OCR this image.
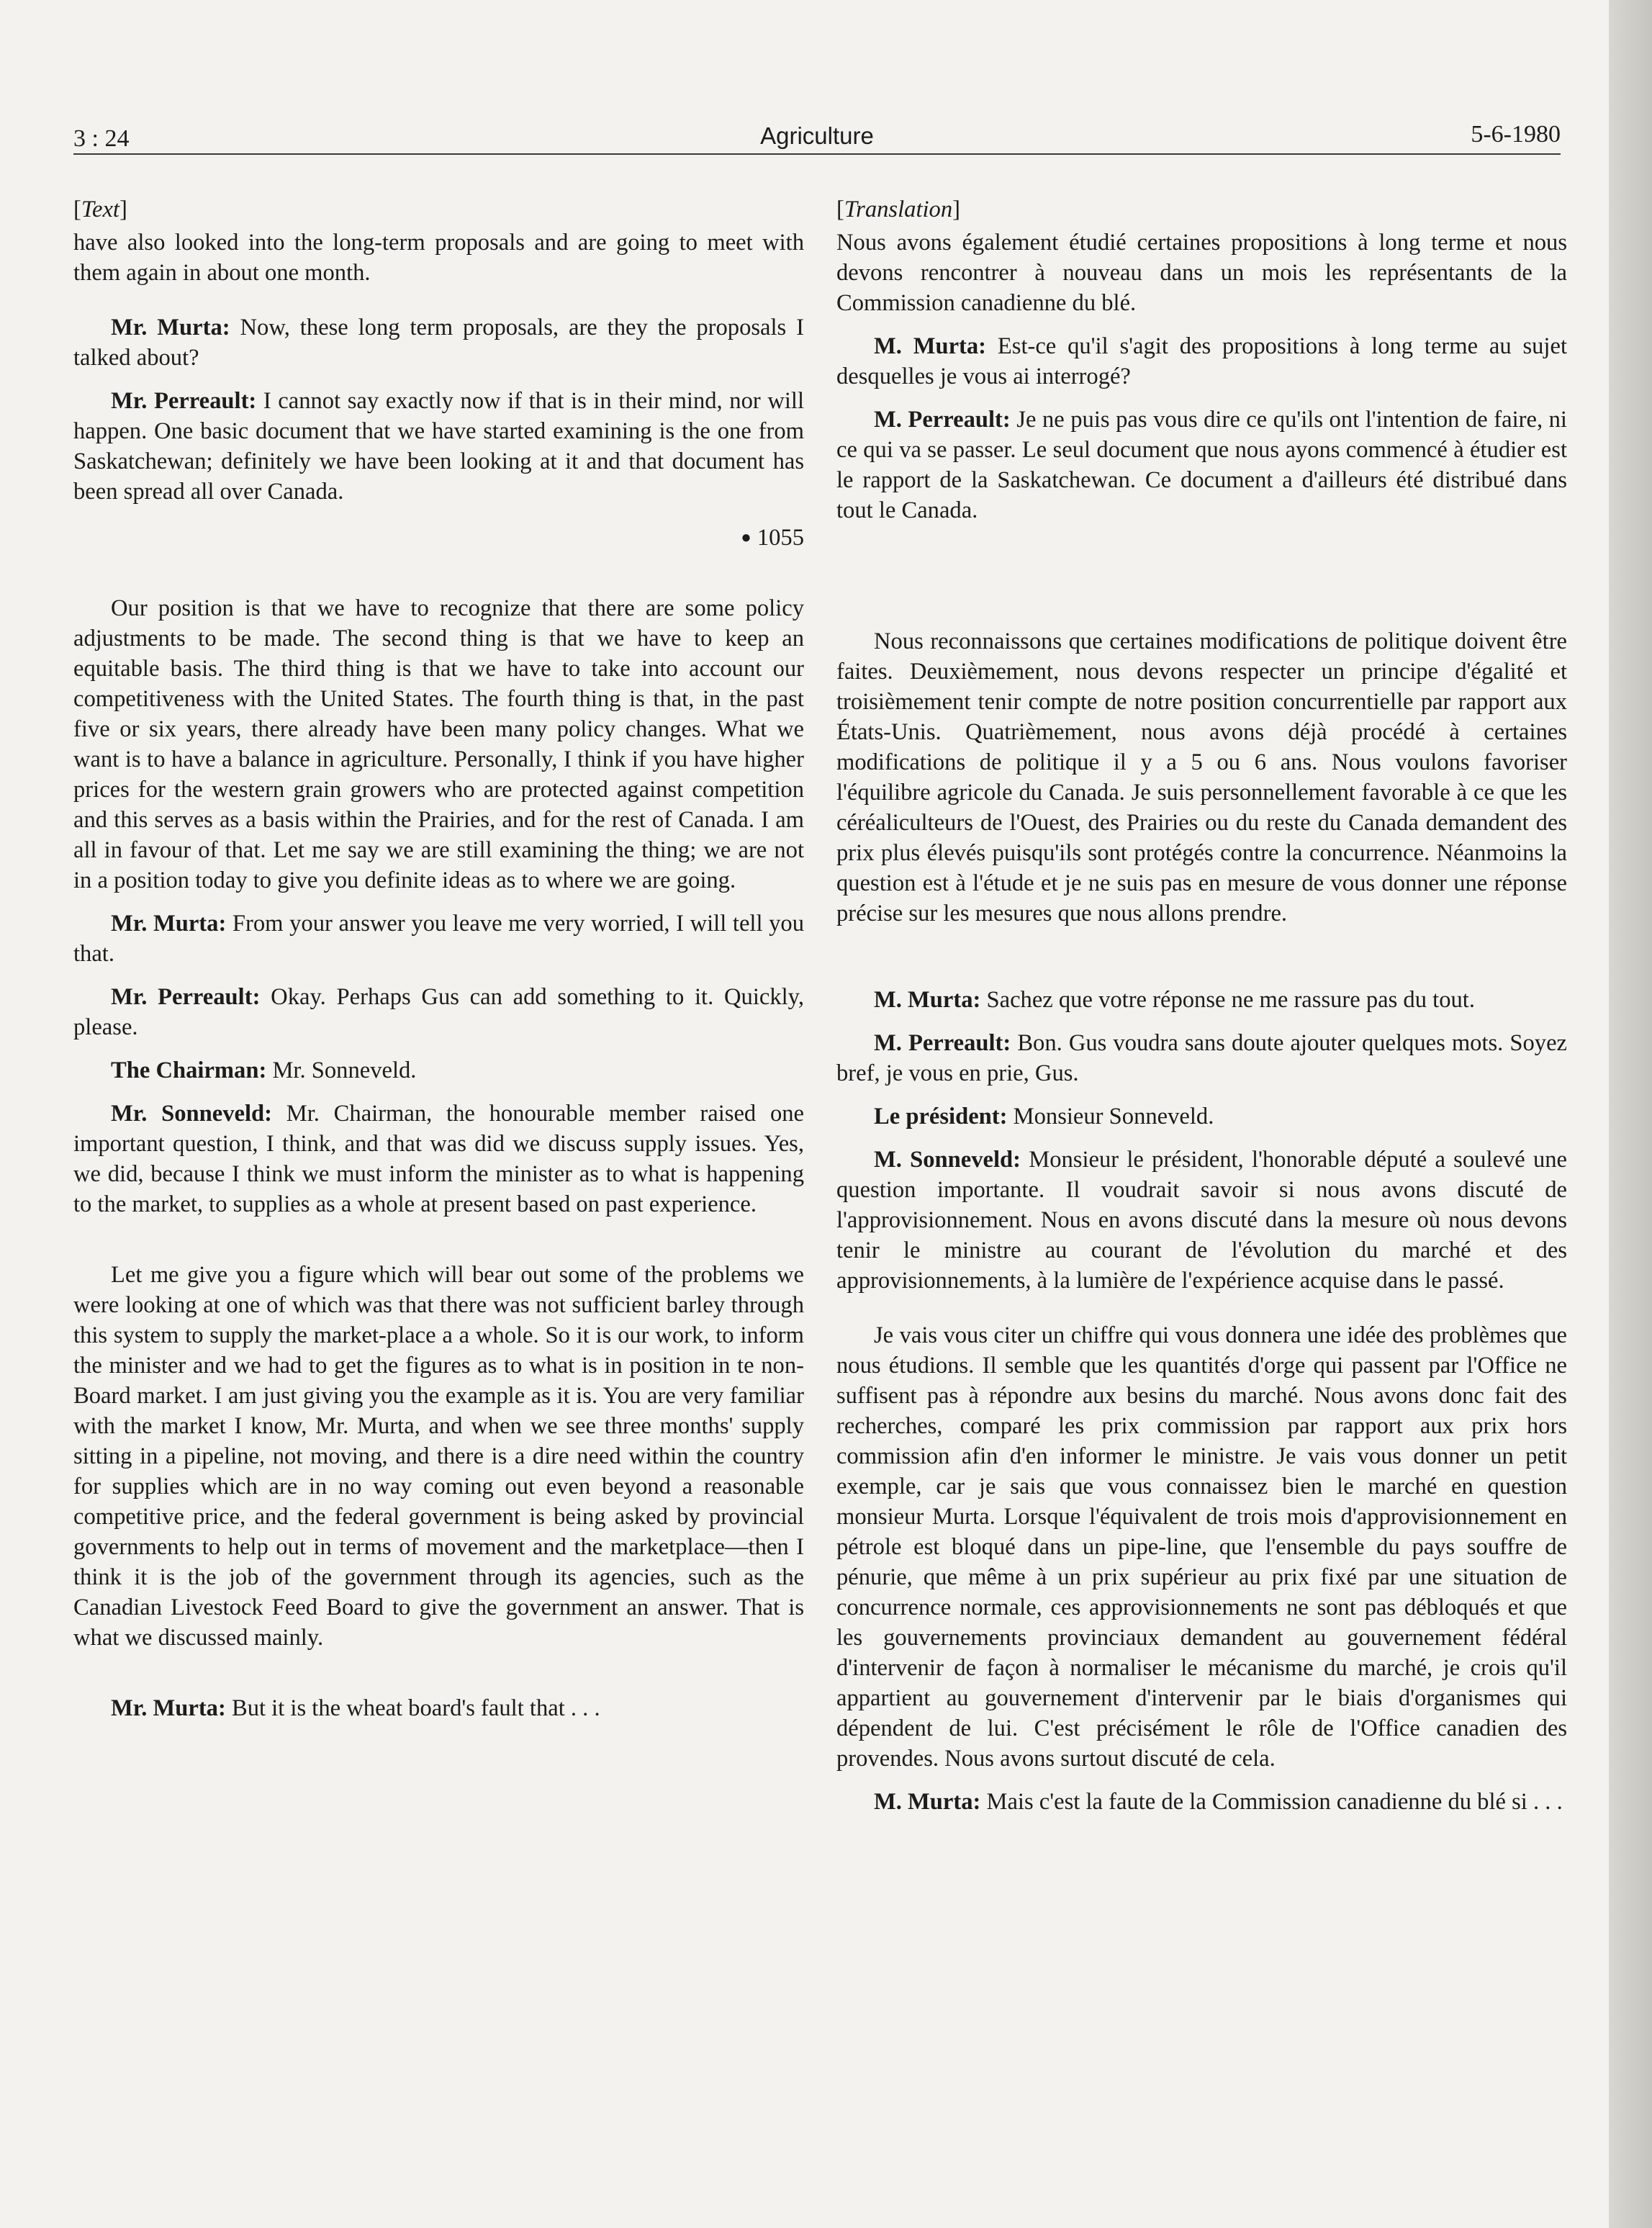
3 : 24	Agriculture	5-6-1980
[Text]

have also looked into the long-term proposals and are going to meet with them again in about one month.

Mr. Murta: Now, these long term proposals, are they the proposals I talked about?

Mr. Perreault: I cannot say exactly now if that is in their mind, nor will happen. One basic document that we have started examining is the one from Saskatchewan; definitely we have been looking at it and that document has been spread all over Canada.

● 1055

Our position is that we have to recognize that there are some policy adjustments to be made. The second thing is that we have to keep an equitable basis. The third thing is that we have to take into account our competitiveness with the United States. The fourth thing is that, in the past five or six years, there already have been many policy changes. What we want is to have a balance in agriculture. Personally, I think if you have higher prices for the western grain growers who are protected against competition and this serves as a basis within the Prairies, and for the rest of Canada. I am all in favour of that. Let me say we are still examining the thing; we are not in a position today to give you definite ideas as to where we are going.

Mr. Murta: From your answer you leave me very worried, I will tell you that.

Mr. Perreault: Okay. Perhaps Gus can add something to it. Quickly, please.

The Chairman: Mr. Sonneveld.

Mr. Sonneveld: Mr. Chairman, the honourable member raised one important question, I think, and that was did we discuss supply issues. Yes, we did, because I think we must inform the minister as to what is happening to the market, to supplies as a whole at present based on past experience.

Let me give you a figure which will bear out some of the problems we were looking at one of which was that there was not sufficient barley through this system to supply the market-place a a whole. So it is our work, to inform the minister and we had to get the figures as to what is in position in te non-Board market. I am just giving you the example as it is. You are very familiar with the market I know, Mr. Murta, and when we see three months' supply sitting in a pipeline, not moving, and there is a dire need within the country for supplies which are in no way coming out even beyond a reasonable competitive price, and the federal government is being asked by provincial governments to help out in terms of movement and the marketplace—then I think it is the job of the government through its agencies, such as the Canadian Livestock Feed Board to give the government an answer. That is what we discussed mainly.

Mr. Murta: But it is the wheat board's fault that . . .

[Translation]

Nous avons également étudié certaines propositions à long terme et nous devons rencontrer à nouveau dans un mois les représentants de la Commission canadienne du blé.

M. Murta: Est-ce qu'il s'agit des propositions à long terme au sujet desquelles je vous ai interrogé?

M. Perreault: Je ne puis pas vous dire ce qu'ils ont l'intention de faire, ni ce qui va se passer. Le seul document que nous ayons commencé à étudier est le rapport de la Saskatchewan. Ce document a d'ailleurs été distribué dans tout le Canada.

Nous reconnaissons que certaines modifications de politique doivent être faites. Deuxièmement, nous devons respecter un principe d'égalité et troisièmement tenir compte de notre position concurrentielle par rapport aux États-Unis. Quatrièmement, nous avons déjà procédé à certaines modifications de politique il y a 5 ou 6 ans. Nous voulons favoriser l'équilibre agricole du Canada. Je suis personnellement favorable à ce que les céréaliculteurs de l'Ouest, des Prairies ou du reste du Canada demandent des prix plus élevés puisqu'ils sont protégés contre la concurrence. Néanmoins la question est à l'étude et je ne suis pas en mesure de vous donner une réponse précise sur les mesures que nous allons prendre.

M. Murta: Sachez que votre réponse ne me rassure pas du tout.

M. Perreault: Bon. Gus voudra sans doute ajouter quelques mots. Soyez bref, je vous en prie, Gus.

Le président: Monsieur Sonneveld.

M. Sonneveld: Monsieur le président, l'honorable député a soulevé une question importante. Il voudrait savoir si nous avons discuté de l'approvisionnement. Nous en avons discuté dans la mesure où nous devons tenir le ministre au courant de l'évolution du marché et des approvisionnements, à la lumière de l'expérience acquise dans le passé.

Je vais vous citer un chiffre qui vous donnera une idée des problèmes que nous étudions. Il semble que les quantités d'orge qui passent par l'Office ne suffisent pas à répondre aux besins du marché. Nous avons donc fait des recherches, comparé les prix commission par rapport aux prix hors commission afin d'en informer le ministre. Je vais vous donner un petit exemple, car je sais que vous connaissez bien le marché en question monsieur Murta. Lorsque l'équivalent de trois mois d'approvisionnement en pétrole est bloqué dans un pipe-line, que l'ensemble du pays souffre de pénurie, que même à un prix supérieur au prix fixé par une situation de concurrence normale, ces approvisionnements ne sont pas débloqués et que les gouvernements provinciaux demandent au gouvernement fédéral d'intervenir de façon à normaliser le mécanisme du marché, je crois qu'il appartient au gouvernement d'intervenir par le biais d'organismes qui dépendent de lui. C'est précisément le rôle de l'Office canadien des provendes. Nous avons surtout discuté de cela.

M. Murta: Mais c'est la faute de la Commission canadienne du blé si . . .
